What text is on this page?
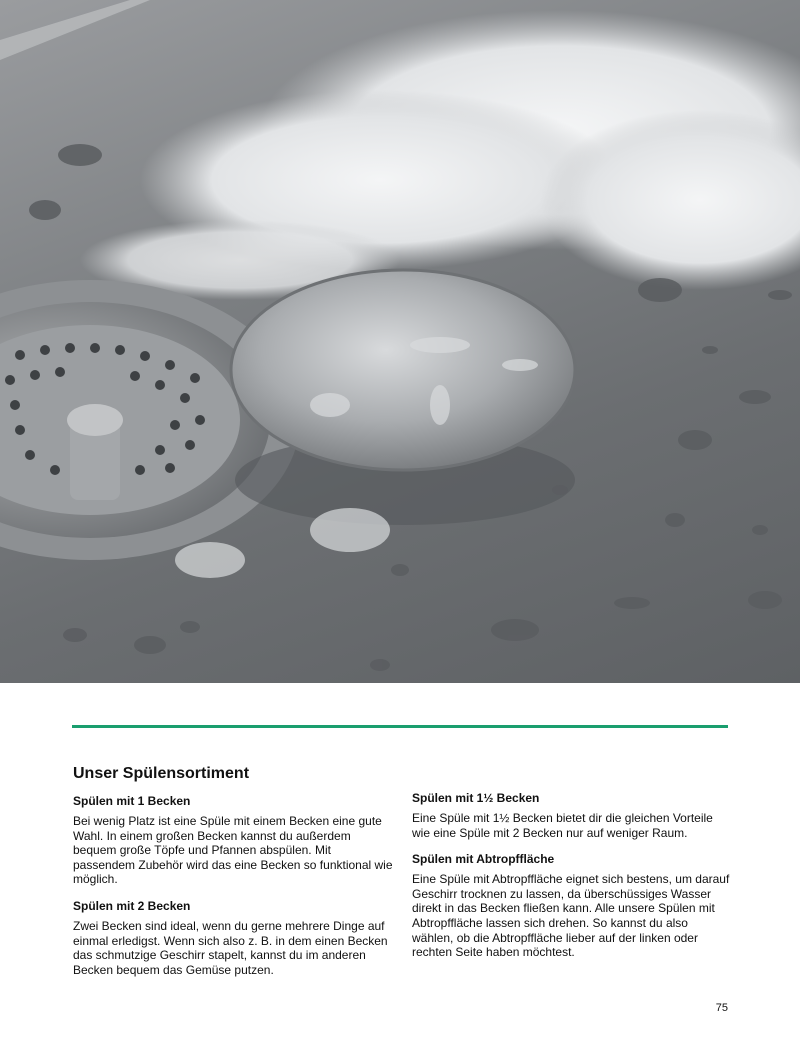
Unser Spülensortiment
Spülen mit 1 Becken

Bei wenig Platz ist eine Spüle mit einem Becken eine gute Wahl. In einem großen Becken kannst du außerdem bequem große Töpfe und Pfannen abspülen. Mit passendem Zubehör wird das eine Becken so funktional wie möglich.

Spülen mit 2 Becken

Zwei Becken sind ideal, wenn du gerne mehrere Dinge auf einmal erledigst. Wenn sich also z. B. in dem einen Becken das schmutzige Geschirr stapelt, kannst du im anderen Becken bequem das Gemüse putzen.

Spülen mit 1½ Becken

Eine Spüle mit 1½ Becken bietet dir die gleichen Vorteile wie eine Spüle mit 2 Becken nur auf weniger Raum.

Spülen mit Abtropffläche

Eine Spüle mit Abtropffläche eignet sich bestens, um darauf Geschirr trocknen zu lassen, da überschüssiges Wasser direkt in das Becken fließen kann. Alle unsere Spülen mit Abtropffläche lassen sich drehen. So kannst du also wählen, ob die Abtropffläche lieber auf der linken oder rechten Seite haben möchtest.

75
